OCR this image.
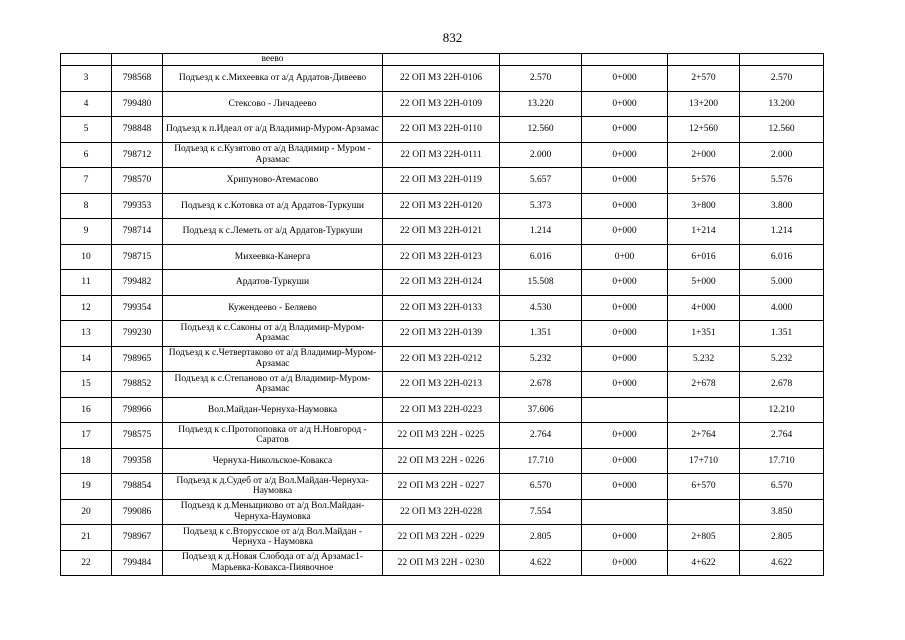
832
		веево					
3	798568	Подъезд к с.Михеевка от а/д Ардатов-Дивеево	22 ОП МЗ 22Н-0106	2.570	0+000	2+570	2.570
4	799480	Стексово - Личадеево	22 ОП МЗ 22Н-0109	13.220	0+000	13+200	13.200
5	798848	Подъезд к п.Идеал от а/д Владимир-Муром-Арзамас	22 ОП МЗ 22Н-0110	12.560	0+000	12+560	12.560
6	798712	Подъезд к с.Кузятово от а/д Владимир - Муром - Арзамас	22 ОП МЗ 22Н-0111	2.000	0+000	2+000	2.000
7	798570	Хрипуново-Атемасово	22 ОП МЗ 22Н-0119	5.657	0+000	5+576	5.576
8	799353	Подъезд к с.Котовка от а/д Ардатов-Туркуши	22 ОП МЗ 22Н-0120	5.373	0+000	3+800	3.800
9	798714	Подъезд к с.Леметь от а/д Ардатов-Туркуши	22 ОП МЗ 22Н-0121	1.214	0+000	1+214	1.214
10	798715	Михеевка-Канерга	22 ОП МЗ 22Н-0123	6.016	0+00	6+016	6.016
11	799482	Ардатов-Туркуши	22 ОП МЗ 22Н-0124	15.508	0+000	5+000	5.000
12	799354	Кужендеево - Беляево	22 ОП МЗ 22Н-0133	4.530	0+000	4+000	4.000
13	799230	Подъезд к с.Саконы от а/д Владимир-Муром-Арзамас	22 ОП МЗ 22Н-0139	1.351	0+000	1+351	1.351
14	798965	Подъезд к с.Четвертаково от а/д Владимир-Муром-Арзамас	22 ОП МЗ 22Н-0212	5.232	0+000	5.232	5.232
15	798852	Подъезд к с.Степаново от а/д Владимир-Муром-Арзамас	22 ОП МЗ 22Н-0213	2.678	0+000	2+678	2.678
16	798966	Вол.Майдан-Чернуха-Наумовка	22 ОП МЗ 22Н-0223	37.606			12.210
17	798575	Подъезд к с.Протопоповка от а/д Н.Новгород - Саратов	22 ОП МЗ 22Н - 0225	2.764	0+000	2+764	2.764
18	799358	Чернуха-Никольское-Ковакса	22 ОП МЗ 22Н - 0226	17.710	0+000	17+710	17.710
19	798854	Подъезд к д.Судеб от а/д Вол.Майдан-Чернуха-Наумовка	22 ОП МЗ 22Н - 0227	6.570	0+000	6+570	6.570
20	799086	Подъезд к д.Меньщиково от а/д Вол.Майдан-Чернуха-Наумовка	22 ОП МЗ 22Н-0228	7.554			3.850
21	798967	Подъезд к с.Вторусское от а/д Вол.Майдан - Чернуха - Наумовка	22 ОП МЗ 22Н - 0229	2.805	0+000	2+805	2.805
22	799484	Подъезд к д.Новая Слобода от а/д Арзамас1-Марьевка-Ковакса-Пиявочное	22 ОП МЗ 22Н - 0230	4.622	0+000	4+622	4.622
